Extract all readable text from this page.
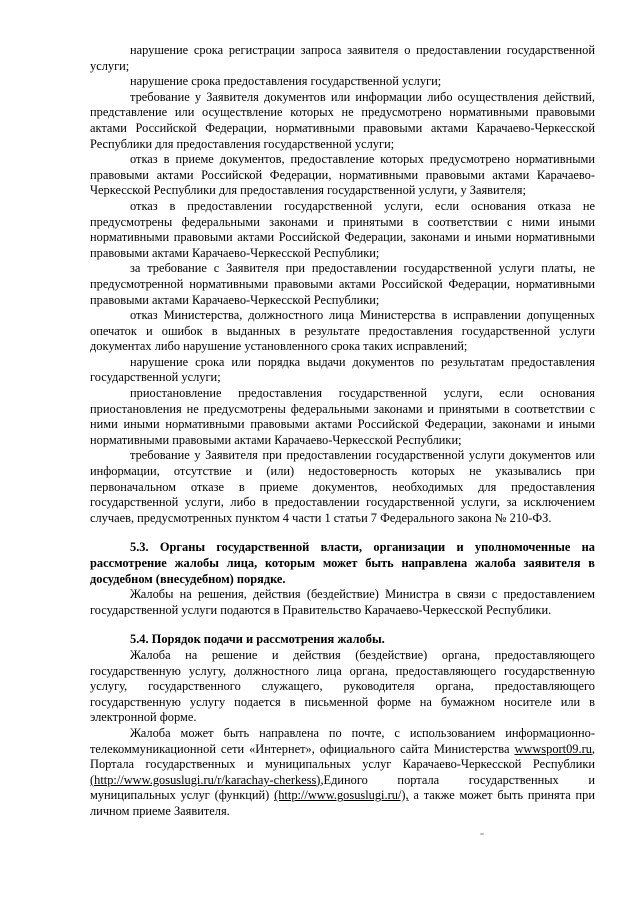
нарушение срока регистрации запроса заявителя о предоставлении государственной услуги;

нарушение срока предоставления государственной услуги;

требование у Заявителя документов или информации либо осуществления действий, представление или осуществление которых не предусмотрено нормативными правовыми актами Российской Федерации, нормативными правовыми актами Карачаево-Черкесской Республики для предоставления государственной услуги;

отказ в приеме документов, предоставление которых предусмотрено нормативными правовыми актами Российской Федерации, нормативными правовыми актами Карачаево-Черкесской Республики для предоставления государственной услуги, у Заявителя;

отказ в предоставлении государственной услуги, если основания отказа не предусмотрены федеральными законами и принятыми в соответствии с ними иными нормативными правовыми актами Российской Федерации, законами и иными нормативными правовыми актами Карачаево-Черкесской Республики;

за требование с Заявителя при предоставлении государственной услуги платы, не предусмотренной нормативными правовыми актами Российской Федерации, нормативными правовыми актами Карачаево-Черкесской Республики;

отказ Министерства, должностного лица Министерства в исправлении допущенных опечаток и ошибок в выданных в результате предоставления государственной услуги документах либо нарушение установленного срока таких исправлений;

нарушение срока или порядка выдачи документов по результатам предоставления государственной услуги;

приостановление предоставления государственной услуги, если основания приостановления не предусмотрены федеральными законами и принятыми в соответствии с ними иными нормативными правовыми актами Российской Федерации, законами и иными нормативными правовыми актами Карачаево-Черкесской Республики;

требование у Заявителя при предоставлении государственной услуги документов или информации, отсутствие и (или) недостоверность которых не указывались при первоначальном отказе в приеме документов, необходимых для предоставления государственной услуги, либо в предоставлении государственной услуги, за исключением случаев, предусмотренных пунктом 4 части 1 статьи 7 Федерального закона № 210-ФЗ.

5.3. Органы государственной власти, организации и уполномоченные на рассмотрение жалобы лица, которым может быть направлена жалоба заявителя в досудебном (внесудебном) порядке.

Жалобы на решения, действия (бездействие) Министра в связи с предоставлением государственной услуги подаются в Правительство Карачаево-Черкесской Республики.

5.4. Порядок подачи и рассмотрения жалобы.

Жалоба на решение и действия (бездействие) органа, предоставляющего государственную услугу, должностного лица органа, предоставляющего государственную услугу, государственного служащего, руководителя органа, предоставляющего государственную услугу подается в письменной форме на бумажном носителе или в электронной форме.

Жалоба может быть направлена по почте, с использованием информационно-телекоммуникационной сети «Интернет», официального сайта Министерства wwwsport09.ru, Портала государственных и муниципальных услуг Карачаево-Черкесской Республики (http://www.gosuslugi.ru/r/karachay-cherkess),Единого портала государственных и муниципальных услуг (функций) (http://www.gosuslugi.ru/), а также может быть принята при личном приеме Заявителя.
